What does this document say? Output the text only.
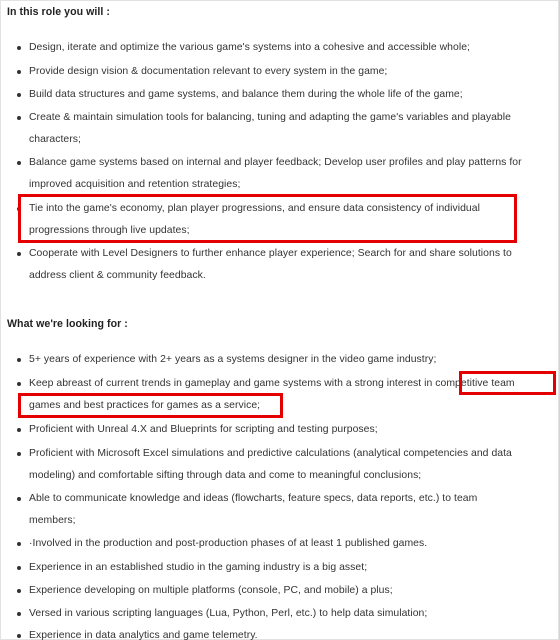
In this role you will :
Design, iterate and optimize the various game's systems into a cohesive and accessible whole;
Provide design vision & documentation relevant to every system in the game;
Build data structures and game systems, and balance them during the whole life of the game;
Create & maintain simulation tools for balancing, tuning and adapting the game's variables and playable
characters;
Balance game systems based on internal and player feedback; Develop user profiles and play patterns for
improved acquisition and retention strategies;
Tie into the game's economy, plan player progressions, and ensure data consistency of individual
progressions through live updates;
Cooperate with Level Designers to further enhance player experience; Search for and share solutions to
address client & community feedback.
What we're looking for :
5+ years of experience with 2+ years as a systems designer in the video game industry;
Keep abreast of current trends in gameplay and game systems with a strong interest in competitive team
games and best practices for games as a service;
Proficient with Unreal 4.X and Blueprints for scripting and testing purposes;
Proficient with Microsoft Excel simulations and predictive calculations (analytical competencies and data
modeling) and comfortable sifting through data and come to meaningful conclusions;
Able to communicate knowledge and ideas (flowcharts, feature specs, data reports, etc.) to team
members;
·Involved in the production and post-production phases of at least 1 published games.
Experience in an established studio in the gaming industry is a big asset;
Experience developing on multiple platforms (console, PC, and mobile) a plus;
Versed in various scripting languages (Lua, Python, Perl, etc.) to help data simulation;
Experience in data analytics and game telemetry.
